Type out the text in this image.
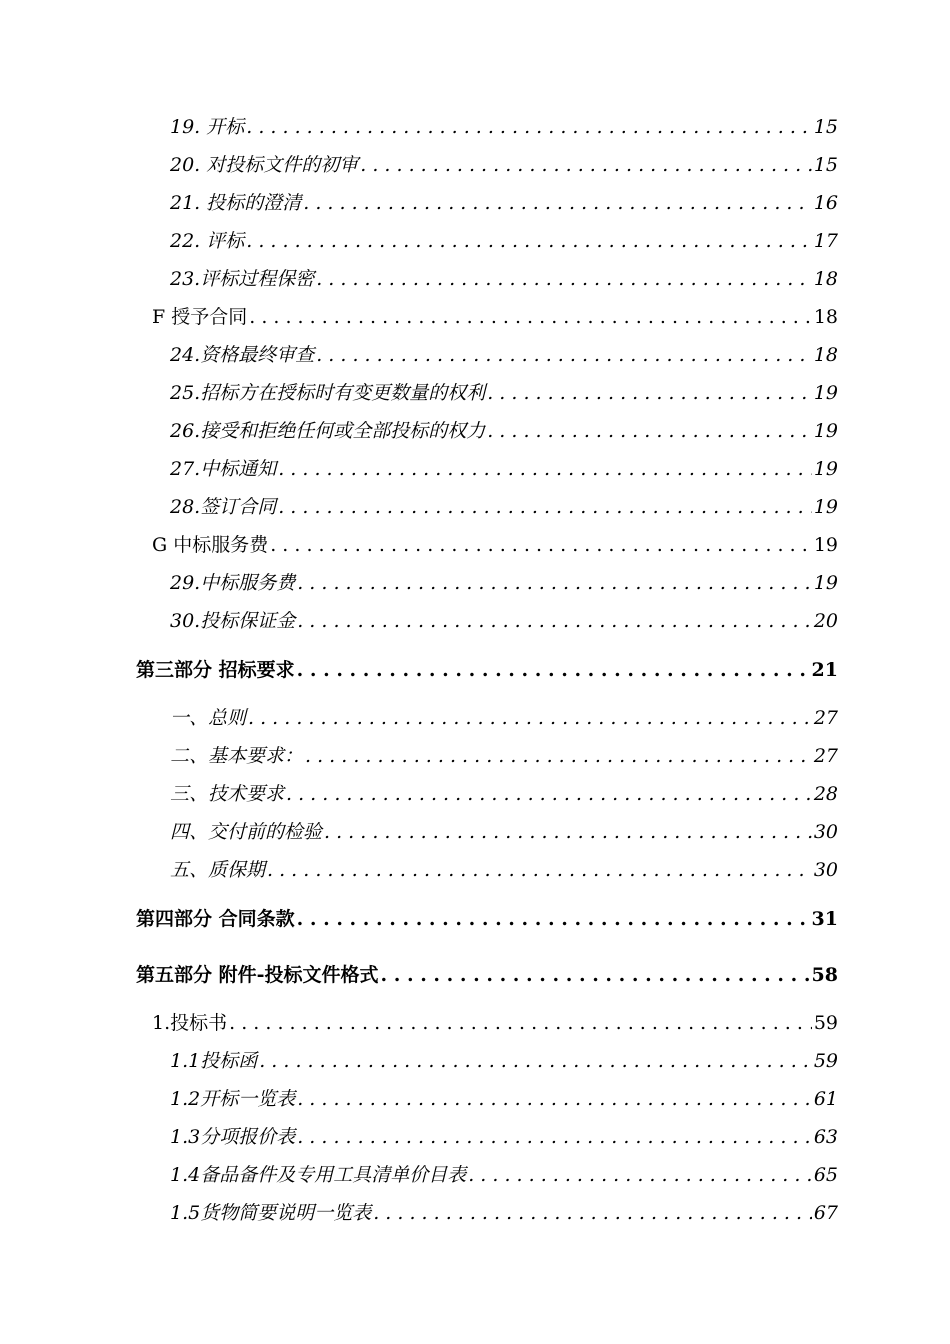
19. 开标 . . .	15
20. 对投标文件的初审 . . .	15
21. 投标的澄清 . . .	16
22. 评标 . . .	17
23.评标过程保密 . . .	18
F 授予合同 . . .	18
24.资格最终审查 . . .	18
25.招标方在授标时有变更数量的权利 . . .	19
26.接受和拒绝任何或全部投标的权力 . . .	19
27.中标通知 . . .	19
28.签订合同 . . .	19
G 中标服务费 . . .	19
29.中标服务费 . . .	19
30.投标保证金 . . .	20
第三部分 招标要求 . . .	21
一、总则 . . .	27
二、基本要求： . . .	27
三、技术要求 . . .	28
四、交付前的检验 . . .	30
五、质保期 . . .	30
第四部分 合同条款 . . .	31
第五部分 附件-投标文件格式 . . .	58
1.投标书 . . .	59
1.1投标函 . . .	59
1.2开标一览表 . . .	61
1.3分项报价表 . . .	63
1.4备品备件及专用工具清单价目表 . . .	65
1.5货物简要说明一览表 . . .	67
